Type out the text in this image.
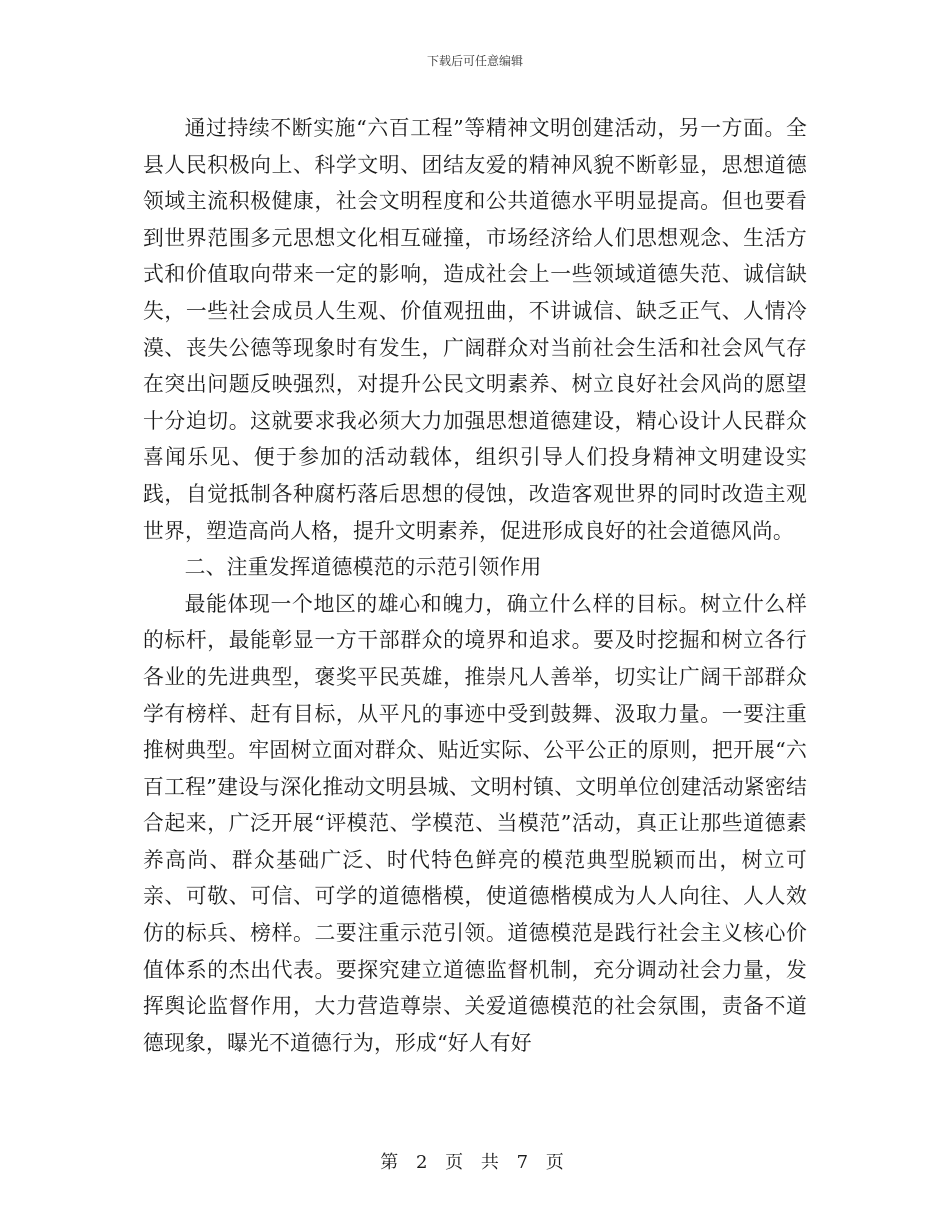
下载后可任意编辑

通过持续不断实施“六百工程”等精神文明创建活动，另一方面。全县人民积极向上、科学文明、团结友爱的精神风貌不断彰显，思想道德领域主流积极健康，社会文明程度和公共道德水平明显提高。但也要看到世界范围多元思想文化相互碰撞，市场经济给人们思想观念、生活方式和价值取向带来一定的影响，造成社会上一些领域道德失范、诚信缺失，一些社会成员人生观、价值观扭曲，不讲诚信、缺乏正气、人情冷漠、丧失公德等现象时有发生，广阔群众对当前社会生活和社会风气存在突出问题反映强烈，对提升公民文明素养、树立良好社会风尚的愿望十分迫切。这就要求我必须大力加强思想道德建设，精心设计人民群众喜闻乐见、便于参加的活动载体，组织引导人们投身精神文明建设实践，自觉抵制各种腐朽落后思想的侵蚀，改造客观世界的同时改造主观世界，塑造高尚人格，提升文明素养，促进形成良好的社会道德风尚。

二、注重发挥道德模范的示范引领作用

最能体现一个地区的雄心和魄力，确立什么样的目标。树立什么样的标杆，最能彰显一方干部群众的境界和追求。要及时挖掘和树立各行各业的先进典型，褒奖平民英雄，推崇凡人善举，切实让广阔干部群众学有榜样、赶有目标，从平凡的事迹中受到鼓舞、汲取力量。一要注重推树典型。牢固树立面对群众、贴近实际、公平公正的原则，把开展“六百工程”建设与深化推动文明县城、文明村镇、文明单位创建活动紧密结合起来，广泛开展“评模范、学模范、当模范”活动，真正让那些道德素养高尚、群众基础广泛、时代特色鲜亮的模范典型脱颖而出，树立可亲、可敬、可信、可学的道德楷模，使道德楷模成为人人向往、人人效仿的标兵、榜样。二要注重示范引领。道德模范是践行社会主义核心价值体系的杰出代表。要探究建立道德监督机制，充分调动社会力量，发挥舆论监督作用，大力营造尊崇、关爱道德模范的社会氛围，责备不道德现象，曝光不道德行为，形成“好人有好

第 2 页 共 7 页
